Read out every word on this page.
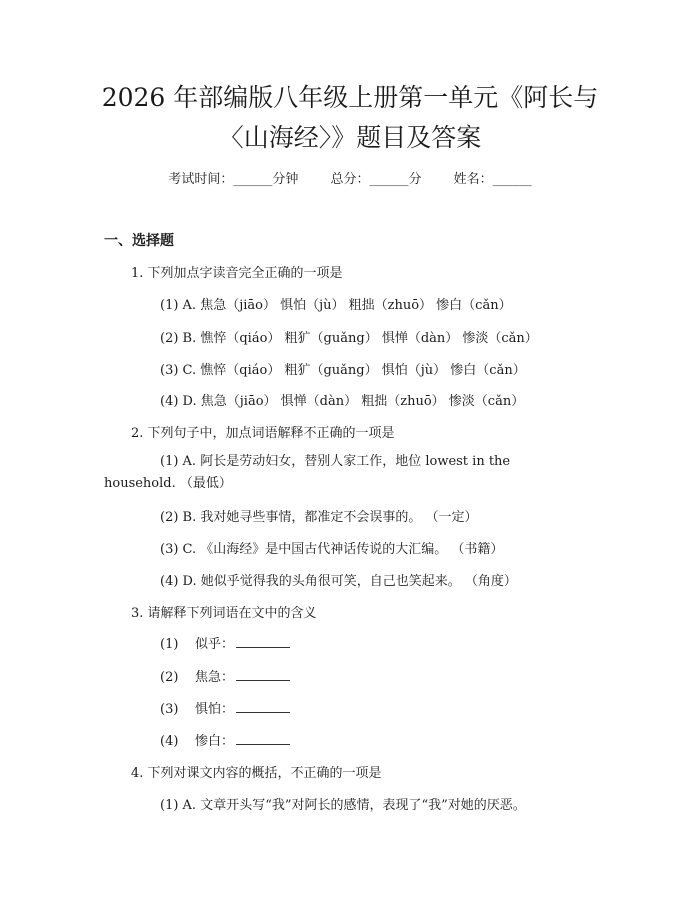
2026 年部编版八年级上册第一单元《阿长与
〈山海经〉》题目及答案
考试时间：______分钟 总分：______分 姓名：______
一、选择题
1. 下列加点字读音完全正确的一项是
(1) A. 焦急（jiāo） 惧怕（jù） 粗拙（zhuō） 惨白（cǎn）
(2) B. 憔悴（qiáo） 粗犷（guǎng） 惧惮（dàn） 惨淡（cǎn）
(3) C. 憔悴（qiáo） 粗犷（guǎng） 惧怕（jù） 惨白（cǎn）
(4) D. 焦急（jiāo） 惧惮（dàn） 粗拙（zhuō） 惨淡（cǎn）
2. 下列句子中，加点词语解释不正确的一项是
(1) A. 阿长是劳动妇女，替别人家工作，地位 lowest in the household. （最低）
(2) B. 我对她寻些事情，都准定不会误事的。 （一定）
(3) C. 《山海经》是中国古代神话传说的大汇编。 （书籍）
(4) D. 她似乎觉得我的头角很可笑，自己也笑起来。 （角度）
3. 请解释下列词语在文中的含义
(1) 似乎：
(2) 焦急：
(3) 惧怕：
(4) 惨白：
4. 下列对课文内容的概括，不正确的一项是
(1) A. 文章开头写“我”对阿长的感情，表现了“我”对她的厌恶。
